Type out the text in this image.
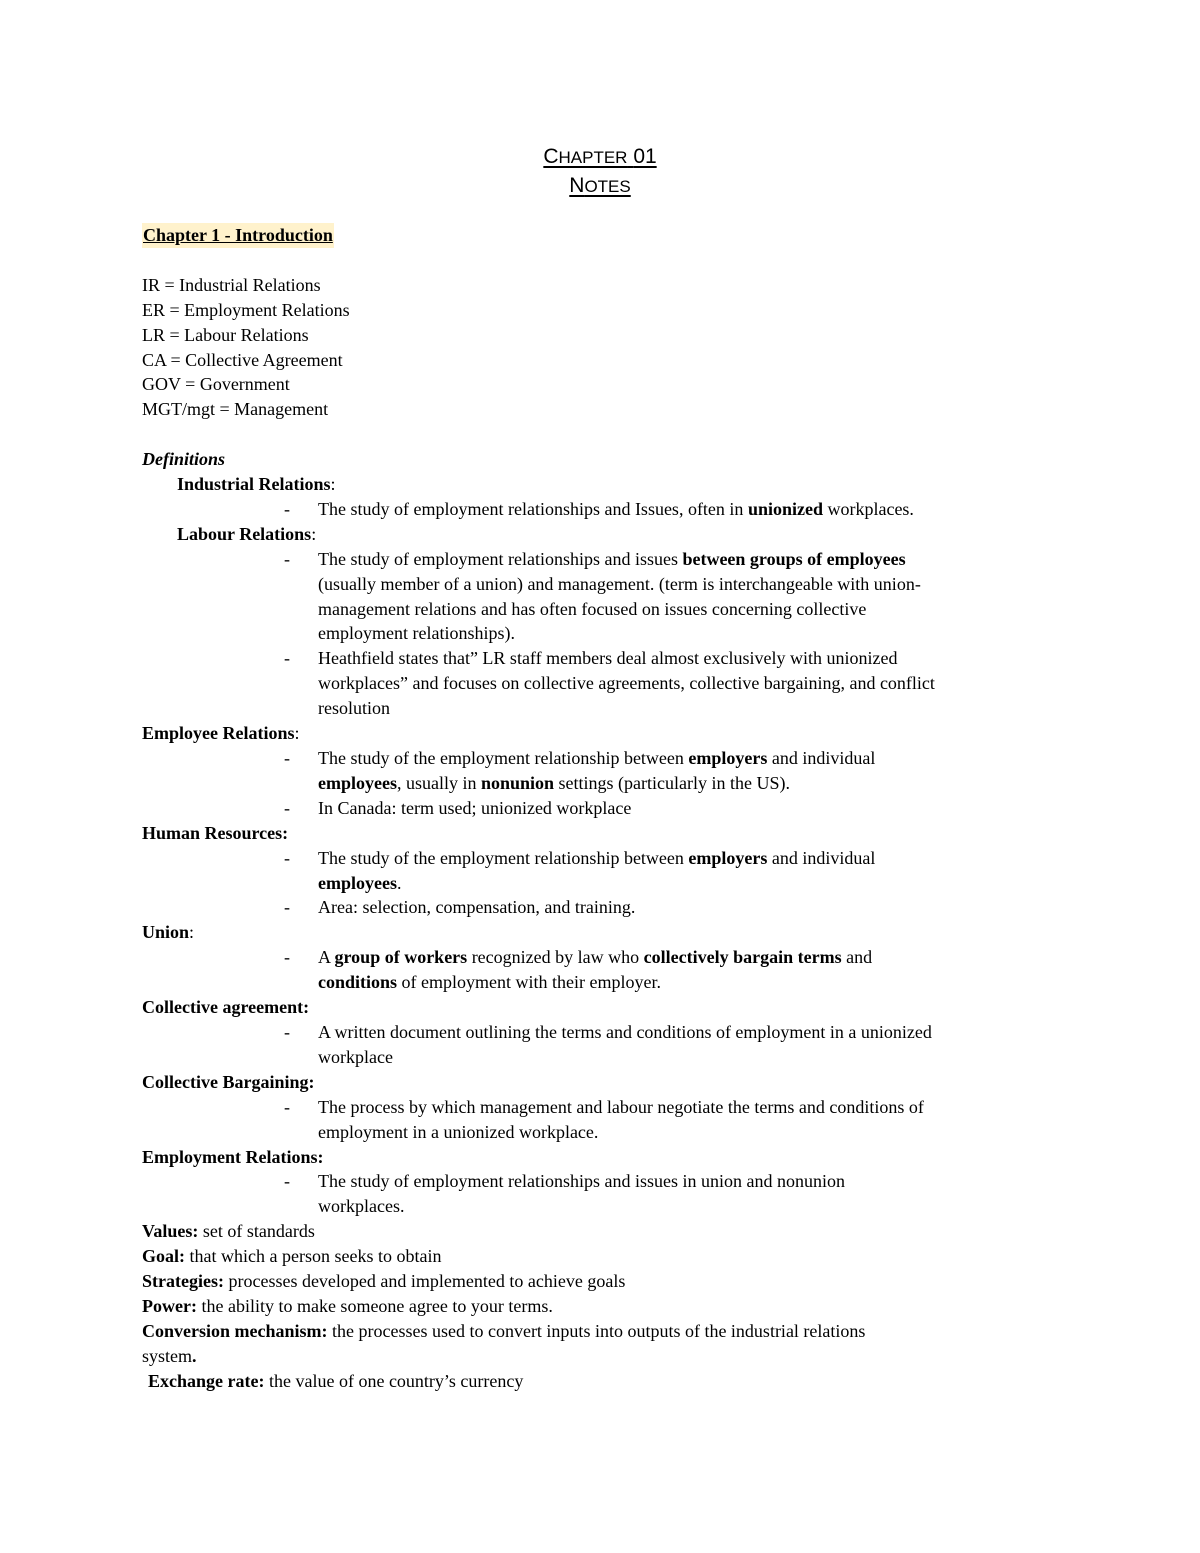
CHAPTER 01
NOTES
Chapter 1 - Introduction
IR = Industrial Relations
ER = Employment Relations
LR = Labour Relations
CA = Collective Agreement
GOV = Government
MGT/mgt = Management
Definitions
Industrial Relations:
- The study of employment relationships and Issues, often in unionized workplaces.
Labour Relations:
- The study of employment relationships and issues between groups of employees
(usually member of a union) and management. (term is interchangeable with union-
management relations and has often focused on issues concerning collective
employment relationships).
- Heathfield states that” LR staff members deal almost exclusively with unionized
workplaces” and focuses on collective agreements, collective bargaining, and conflict
resolution
Employee Relations:
- The study of the employment relationship between employers and individual
employees, usually in nonunion settings (particularly in the US).
- In Canada: term used; unionized workplace
Human Resources:
- The study of the employment relationship between employers and individual
employees.
- Area: selection, compensation, and training.
Union:
- A group of workers recognized by law who collectively bargain terms and
conditions of employment with their employer.
Collective agreement:
- A written document outlining the terms and conditions of employment in a unionized
workplace
Collective Bargaining:
- The process by which management and labour negotiate the terms and conditions of
employment in a unionized workplace.
Employment Relations:
- The study of employment relationships and issues in union and nonunion
workplaces.
Values: set of standards
Goal: that which a person seeks to obtain
Strategies: processes developed and implemented to achieve goals
Power: the ability to make someone agree to your terms.
Conversion mechanism: the processes used to convert inputs into outputs of the industrial relations
system.
Exchange rate: the value of one country’s currency
